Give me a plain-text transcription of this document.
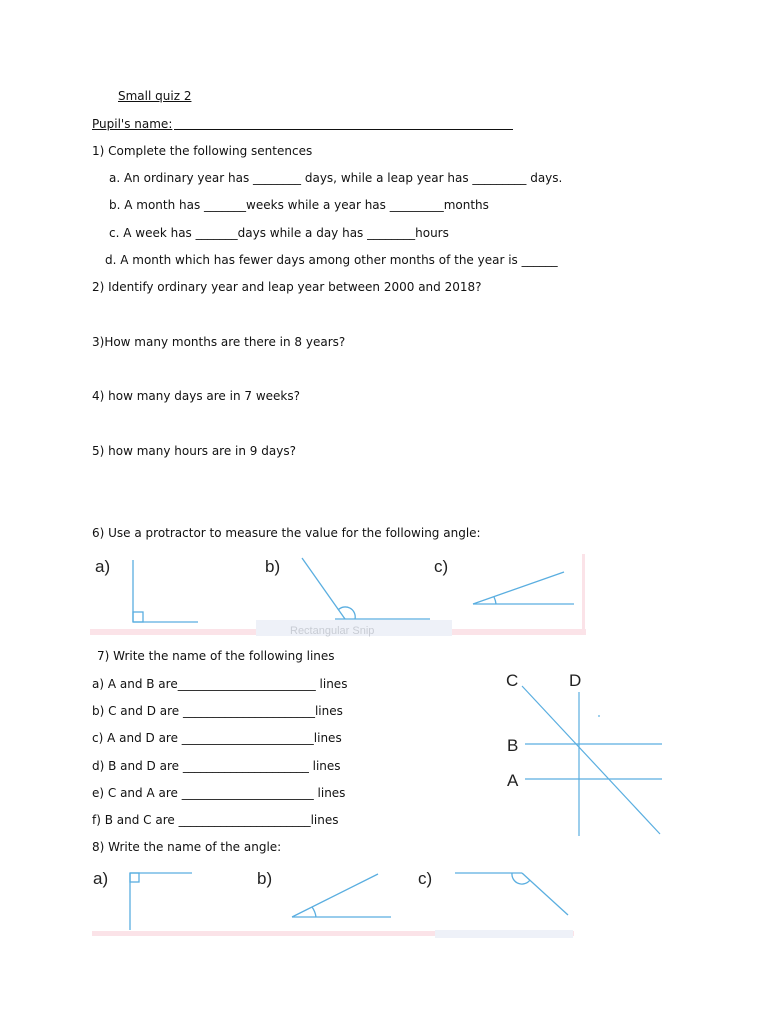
Small quiz 2
Pupil's name:
1) Complete the following sentences
a. An ordinary year has ________ days, while a leap year has _________ days.
b. A month has _______weeks while a year has _________months
c. A week has _______days while a day has ________hours
d. A month which has fewer days among other months of the year is ______
2) Identify ordinary year and leap year between 2000 and 2018?
3)How many months are there in 8 years?
4) how many days are in 7 weeks?
5) how many hours are in 9 days?
6) Use a protractor to measure the value for the following angle:
Rectangular Snip
a)	b)	c)
7) Write the name of the following lines
a) A and B are_______________________ lines
b) C and D are ______________________lines
c) A and D are ______________________lines
d) B and D are _____________________ lines
e) C and A are ______________________ lines
f) B and C are ______________________lines
C	D
B
A
8) Write the name of the angle:
a)	b)	c)
